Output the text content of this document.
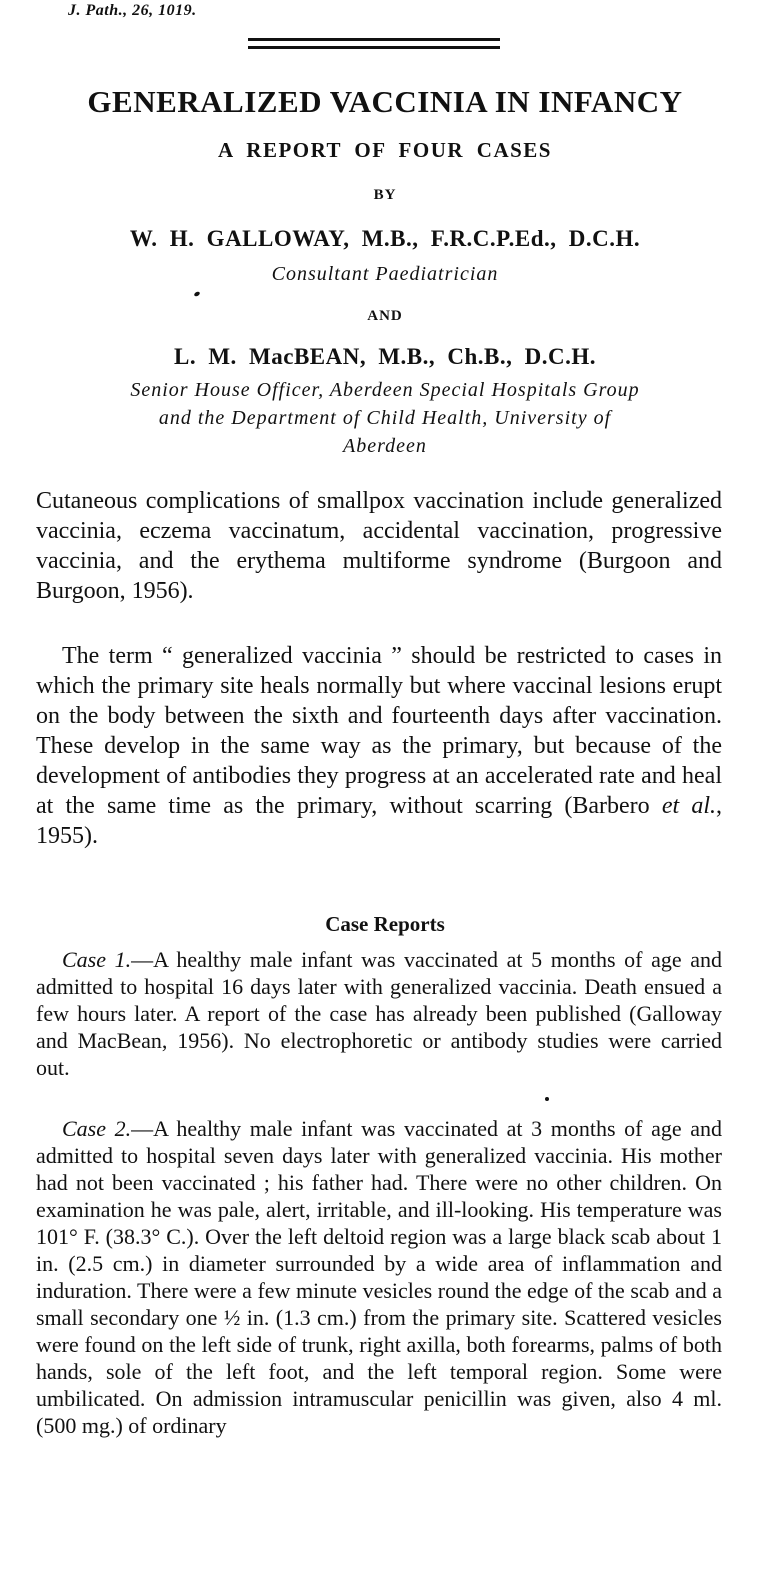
J. Path., 26, 1019.
GENERALIZED VACCINIA IN INFANCY
A REPORT OF FOUR CASES
BY
W. H. GALLOWAY, M.B., F.R.C.P.Ed., D.C.H.
Consultant Paediatrician
AND
L. M. MacBEAN, M.B., Ch.B., D.C.H.
Senior House Officer, Aberdeen Special Hospitals Group
and the Department of Child Health, University of
Aberdeen

Cutaneous complications of smallpox vaccination include generalized vaccinia, eczema vaccinatum, accidental vaccination, progressive vaccinia, and the erythema multiforme syndrome (Burgoon and Burgoon, 1956).

The term “ generalized vaccinia ” should be restricted to cases in which the primary site heals normally but where vaccinal lesions erupt on the body between the sixth and fourteenth days after vaccination. These develop in the same way as the primary, but because of the development of antibodies they progress at an accelerated rate and heal at the same time as the primary, without scarring (Barbero et al., 1955).

Case Reports

Case 1.—A healthy male infant was vaccinated at 5 months of age and admitted to hospital 16 days later with generalized vaccinia. Death ensued a few hours later. A report of the case has already been published (Galloway and MacBean, 1956). No electrophoretic or antibody studies were carried out.

Case 2.—A healthy male infant was vaccinated at 3 months of age and admitted to hospital seven days later with generalized vaccinia. His mother had not been vaccinated ; his father had. There were no other children. On examination he was pale, alert, irritable, and ill-looking. His temperature was 101° F. (38.3° C.). Over the left deltoid region was a large black scab about 1 in. (2.5 cm.) in diameter surrounded by a wide area of inflammation and induration. There were a few minute vesicles round the edge of the scab and a small secondary one ½ in. (1.3 cm.) from the primary site. Scattered vesicles were found on the left side of trunk, right axilla, both forearms, palms of both hands, sole of the left foot, and the left temporal region. Some were umbilicated. On admission intramuscular penicillin was given, also 4 ml. (500 mg.) of ordinary
